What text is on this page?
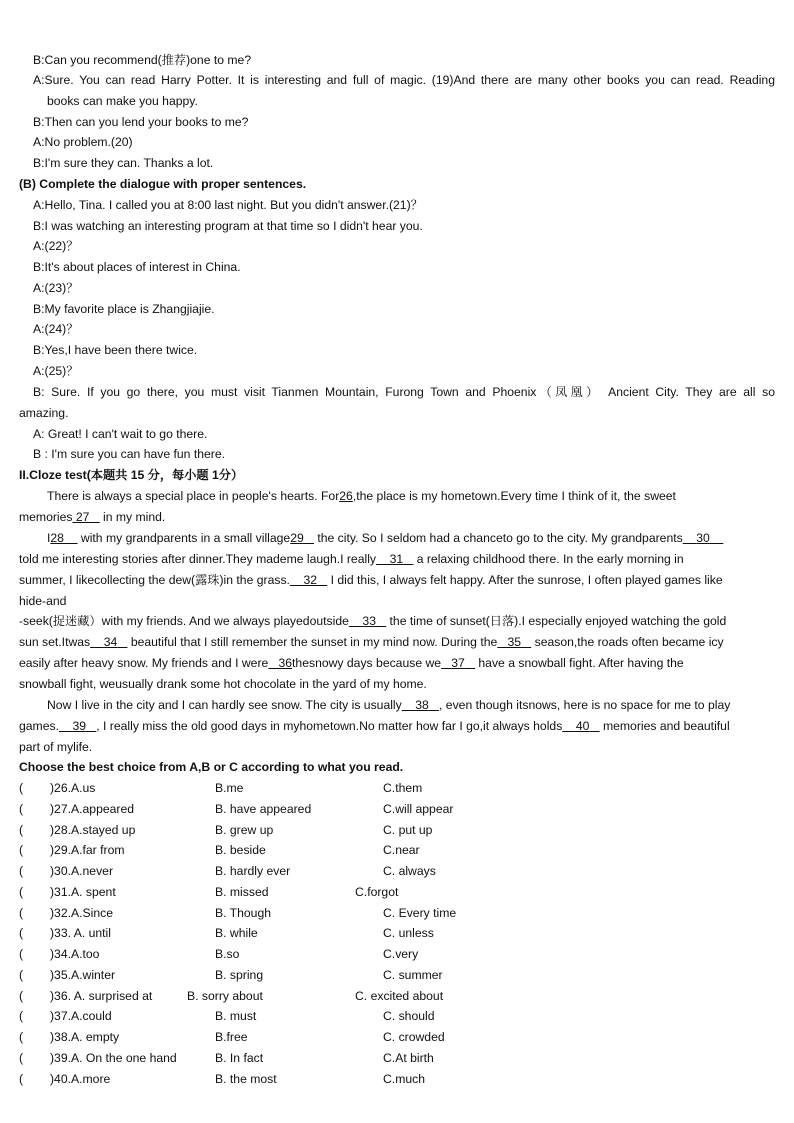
B:Can you recommend(推荐)one to me?
A:Sure. You can read Harry Potter. It is interesting and full of magic. (19)And there are many other books you can read. Reading
books can make you happy.
B:Then can you lend your books to me?
A:No problem.(20)
B:I'm sure they can. Thanks a lot.
(B) Complete the dialogue with proper sentences.
A:Hello, Tina. I called you at 8:00 last night. But you didn't answer.(21)？
B:I was watching an interesting program at that time so I didn't hear you.
A:(22)？
B:It's about places of interest in China.
A:(23)？
B:My favorite place is Zhangjiajie.
A:(24)？
B:Yes,I have been there twice.
A:(25)？
B: Sure. If you go there, you must visit Tianmen Mountain, Furong Town and Phoenix（凤凰） Ancient City. They are all so
amazing.
A: Great! I can't wait to go there.
B : I'm sure you can have fun there.
II.Cloze test(本题共 15 分，每小题 1分）
There is always a special place in people's hearts. For26,the place is my hometown.Every time I think of it, the sweet
memories 27 in my mind.
I28 with my grandparents in a small village29 the city. So I seldom had a chanceto go to the city. My grandparents 30
told me interesting stories after dinner.They mademe laugh.I really 31 a relaxing childhood there. In the early morning in
summer, I likecollecting the dew(露珠)in the grass. 32 I did this, I always felt happy. After the sunrose, I often played games like
hide-and
-seek(捉迷藏）with my friends. And we always playedoutside 33 the time of sunset(日落).I especially enjoyed watching the gold
sun set.Itwas 34 beautiful that I still remember the sunset in my mind now. During the 35 season,the roads often became icy
easily after heavy snow. My friends and I were 36thesnowy days because we 37 have a snowball fight. After having the
snowball fight, weusually drank some hot chocolate in the yard of my home.
Now I live in the city and I can hardly see snow. The city is usually 38 , even though itsnows, here is no space for me to play
games. 39 , I really miss the old good days in myhometown.No matter how far I go,it always holds 40 memories and beautiful
part of mylife.
Choose the best choice from A,B or C according to what you read.
( )26.A.us	B.me	C.them
( )27.A.appeared	B. have appeared	C.will appear
( )28.A.stayed up	B. grew up	C. put up
( )29.A.far from	B. beside	C.near
( )30.A.never	B. hardly ever	C. always
( )31.A. spent	B. missed	C.forgot
( )32.A.Since	B. Though	C. Every time
( )33. A. until	B. while	C. unless
( )34.A.too	B.so	C.very
( )35.A.winter	B. spring	C. summer
( )36. A. surprised at	B. sorry about	C. excited about
( )37.A.could	B. must	C. should
( )38.A. empty	B.free	C. crowded
( )39.A. On the one hand	B. In fact	C.At birth
( )40.A.more	B. the most	C.much
